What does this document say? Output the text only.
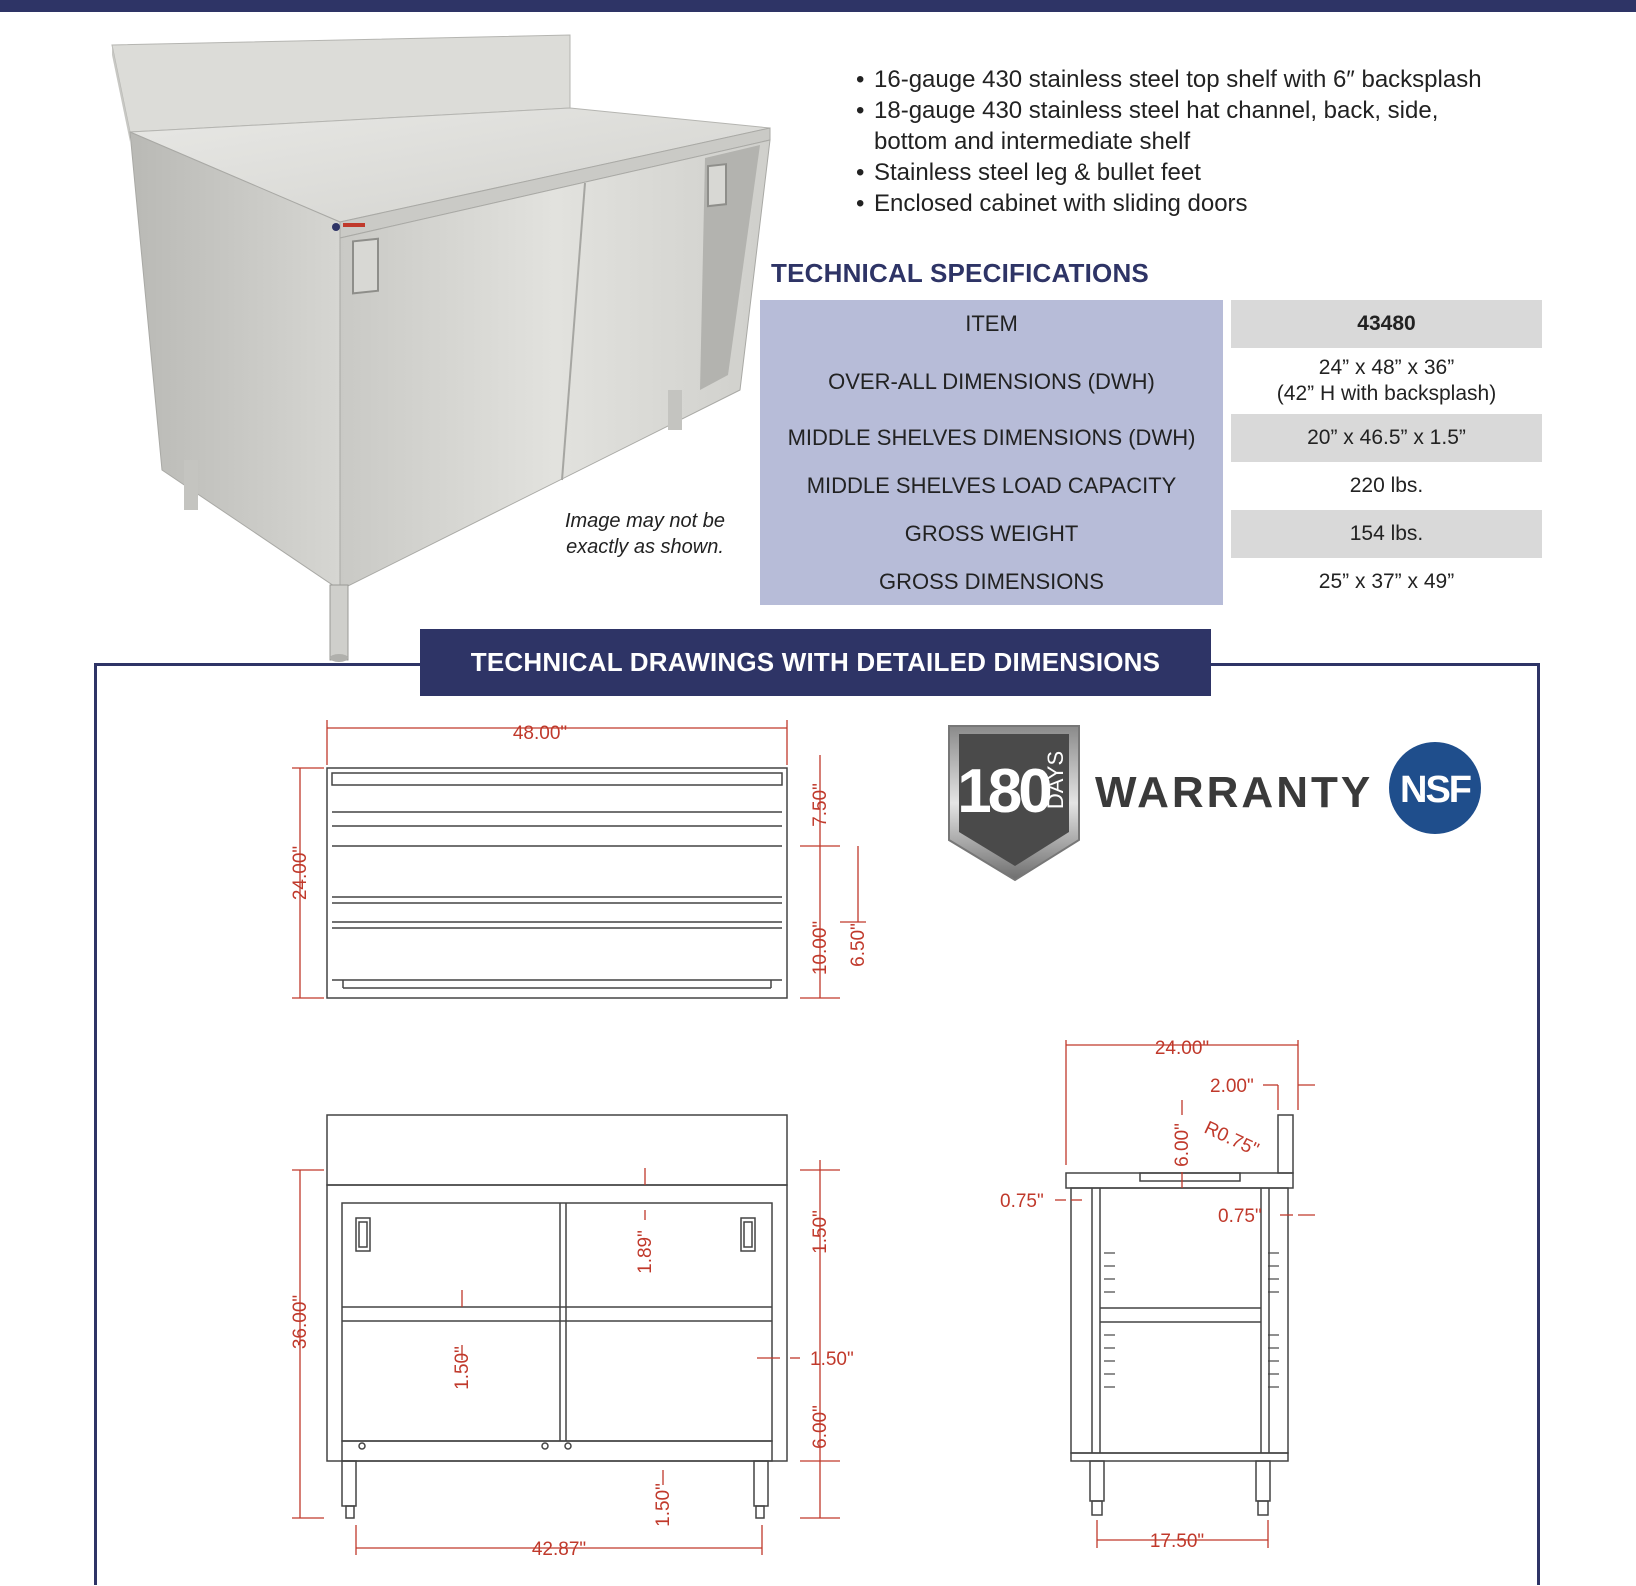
Image may not be
exactly as shown.
• 16-gauge 430 stainless steel top shelf with 6″ backsplash
• 18-gauge 430 stainless steel hat channel, back, side,
bottom and intermediate shelf
• Stainless steel leg & bullet feet
• Enclosed cabinet with sliding doors
TECHNICAL SPECIFICATIONS
ITEM	43480
OVER-ALL DIMENSIONS (DWH)
24” x 48” x 36”
(42” H with backsplash)
MIDDLE SHELVES DIMENSIONS (DWH)	20” x 46.5” x 1.5”
MIDDLE SHELVES LOAD CAPACITY	220 lbs.
GROSS WEIGHT	154 lbs.
GROSS DIMENSIONS	25” x 37” x 49”
TECHNICAL DRAWINGS WITH DETAILED DIMENSIONS
48.00"
24.00"
7.50"
10.00" 6.50"
36.00"
1.50"
1.89"
1.50"	1.50"
6.00"
1.50"
42.87"
24.00"
2.00"
6.00" R0.75"
0.75"
0.75"
17.50"
180
DAYS WARRANTY NSF
